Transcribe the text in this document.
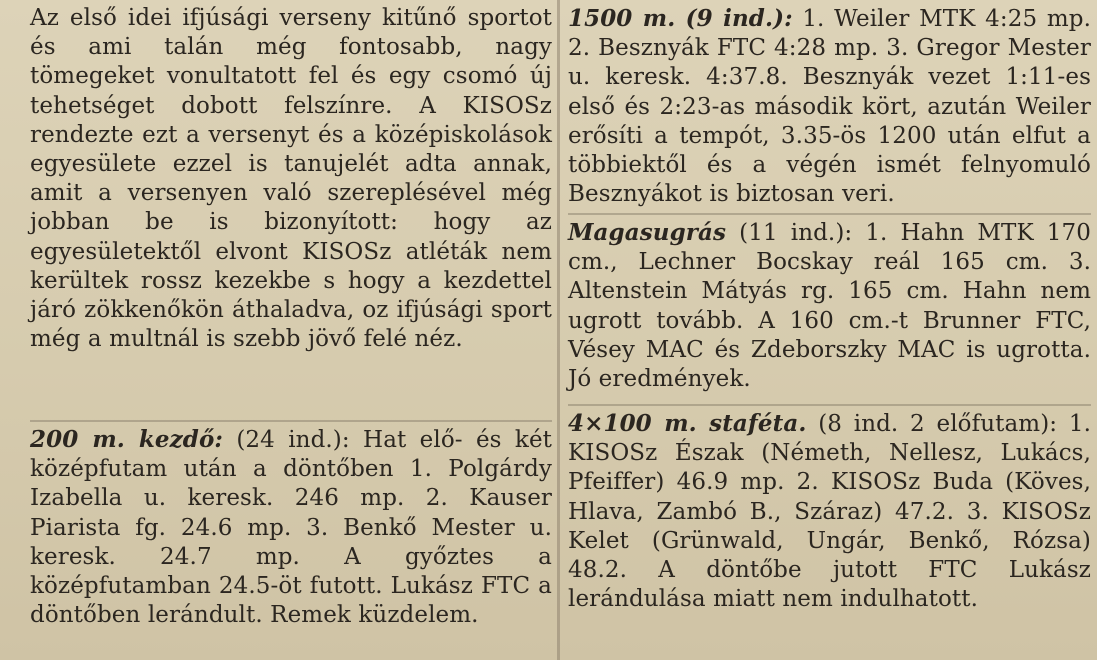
Az első idei ifjúsági verseny kitűnő sportot és ami talán még fontosabb, nagy tömegeket vonultatott fel és egy csomó új tehetséget dobott felszínre. A KISOSz rendezte ezt a versenyt és a középiskolások egyesülete ezzel is tanujelét adta annak, amit a versenyen való szereplésével még jobban be is bizonyított: hogy az egyesületektől elvont KISOSz atléták nem kerültek rossz kezekbe s hogy a kezdettel járó zökkenőkön áthaladva, oz ifjúsági sport még a multnál is szebb jövő felé néz.

200 m. kezdő: (24 ind.): Hat elő- és két középfutam után a döntőben 1. Polgárdy Izabella u. keresk. 246 mp. 2. Kauser Piarista fg. 24.6 mp. 3. Benkő Mester u. keresk. 24.7 mp. A győztes a középfutamban 24.5-öt futott. Lukász FTC a döntőben lerándult. Remek küzdelem.

1500 m. (9 ind.): 1. Weiler MTK 4:25 mp. 2. Besznyák FTC 4:28 mp. 3. Gregor Mester u. keresk. 4:37.8. Besznyák vezet 1:11-es első és 2:23-as második kört, azután Weiler erősíti a tempót, 3.35-ös 1200 után elfut a többiektől és a végén ismét felnyomuló Besznyákot is biztosan veri.

Magasugrás (11 ind.): 1. Hahn MTK 170 cm., Lechner Bocskay reál 165 cm. 3. Altenstein Mátyás rg. 165 cm. Hahn nem ugrott tovább. A 160 cm.-t Brunner FTC, Vésey MAC és Zdeborszky MAC is ugrotta. Jó eredmények.

4×100 m. staféta. (8 ind. 2 előfutam): 1. KISOSz Észak (Németh, Nellesz, Lukács, Pfeiffer) 46.9 mp. 2. KISOSz Buda (Köves, Hlava, Zambó B., Száraz) 47.2. 3. KISOSz Kelet (Grünwald, Ungár, Benkő, Rózsa) 48.2. A döntőbe jutott FTC Lukász lerándulása miatt nem indulhatott.
